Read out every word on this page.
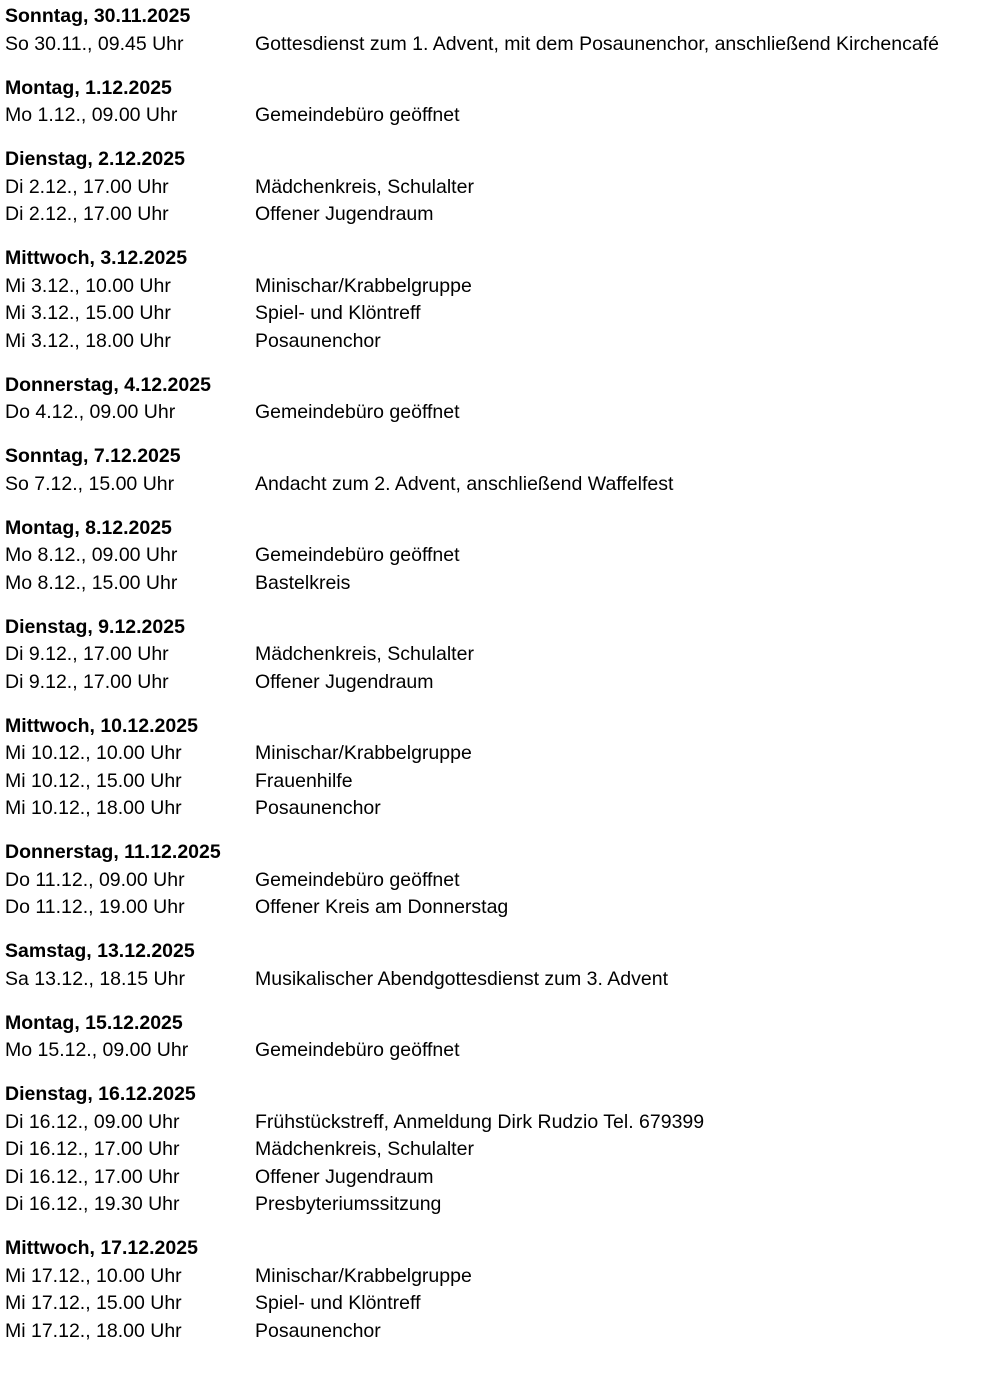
Sonntag, 30.11.2025
So 30.11., 09.45 Uhr	Gottesdienst zum 1. Advent, mit dem Posaunenchor, anschließend Kirchencafé
Montag, 1.12.2025
Mo 1.12., 09.00 Uhr	Gemeindebüro geöffnet
Dienstag, 2.12.2025
Di 2.12., 17.00 Uhr	Mädchenkreis, Schulalter
Di 2.12., 17.00 Uhr	Offener Jugendraum
Mittwoch, 3.12.2025
Mi 3.12., 10.00 Uhr	Minischar/Krabbelgruppe
Mi 3.12., 15.00 Uhr	Spiel- und Klöntreff
Mi 3.12., 18.00 Uhr	Posaunenchor
Donnerstag, 4.12.2025
Do 4.12., 09.00 Uhr	Gemeindebüro geöffnet
Sonntag, 7.12.2025
So 7.12., 15.00 Uhr	Andacht zum 2. Advent, anschließend Waffelfest
Montag, 8.12.2025
Mo 8.12., 09.00 Uhr	Gemeindebüro geöffnet
Mo 8.12., 15.00 Uhr	Bastelkreis
Dienstag, 9.12.2025
Di 9.12., 17.00 Uhr	Mädchenkreis, Schulalter
Di 9.12., 17.00 Uhr	Offener Jugendraum
Mittwoch, 10.12.2025
Mi 10.12., 10.00 Uhr	Minischar/Krabbelgruppe
Mi 10.12., 15.00 Uhr	Frauenhilfe
Mi 10.12., 18.00 Uhr	Posaunenchor
Donnerstag, 11.12.2025
Do 11.12., 09.00 Uhr	Gemeindebüro geöffnet
Do 11.12., 19.00 Uhr	Offener Kreis am Donnerstag
Samstag, 13.12.2025
Sa 13.12., 18.15 Uhr	Musikalischer Abendgottesdienst zum 3. Advent
Montag, 15.12.2025
Mo 15.12., 09.00 Uhr	Gemeindebüro geöffnet
Dienstag, 16.12.2025
Di 16.12., 09.00 Uhr	Frühstückstreff, Anmeldung Dirk Rudzio Tel. 679399
Di 16.12., 17.00 Uhr	Mädchenkreis, Schulalter
Di 16.12., 17.00 Uhr	Offener Jugendraum
Di 16.12., 19.30 Uhr	Presbyteriumssitzung
Mittwoch, 17.12.2025
Mi 17.12., 10.00 Uhr	Minischar/Krabbelgruppe
Mi 17.12., 15.00 Uhr	Spiel- und Klöntreff
Mi 17.12., 18.00 Uhr	Posaunenchor
